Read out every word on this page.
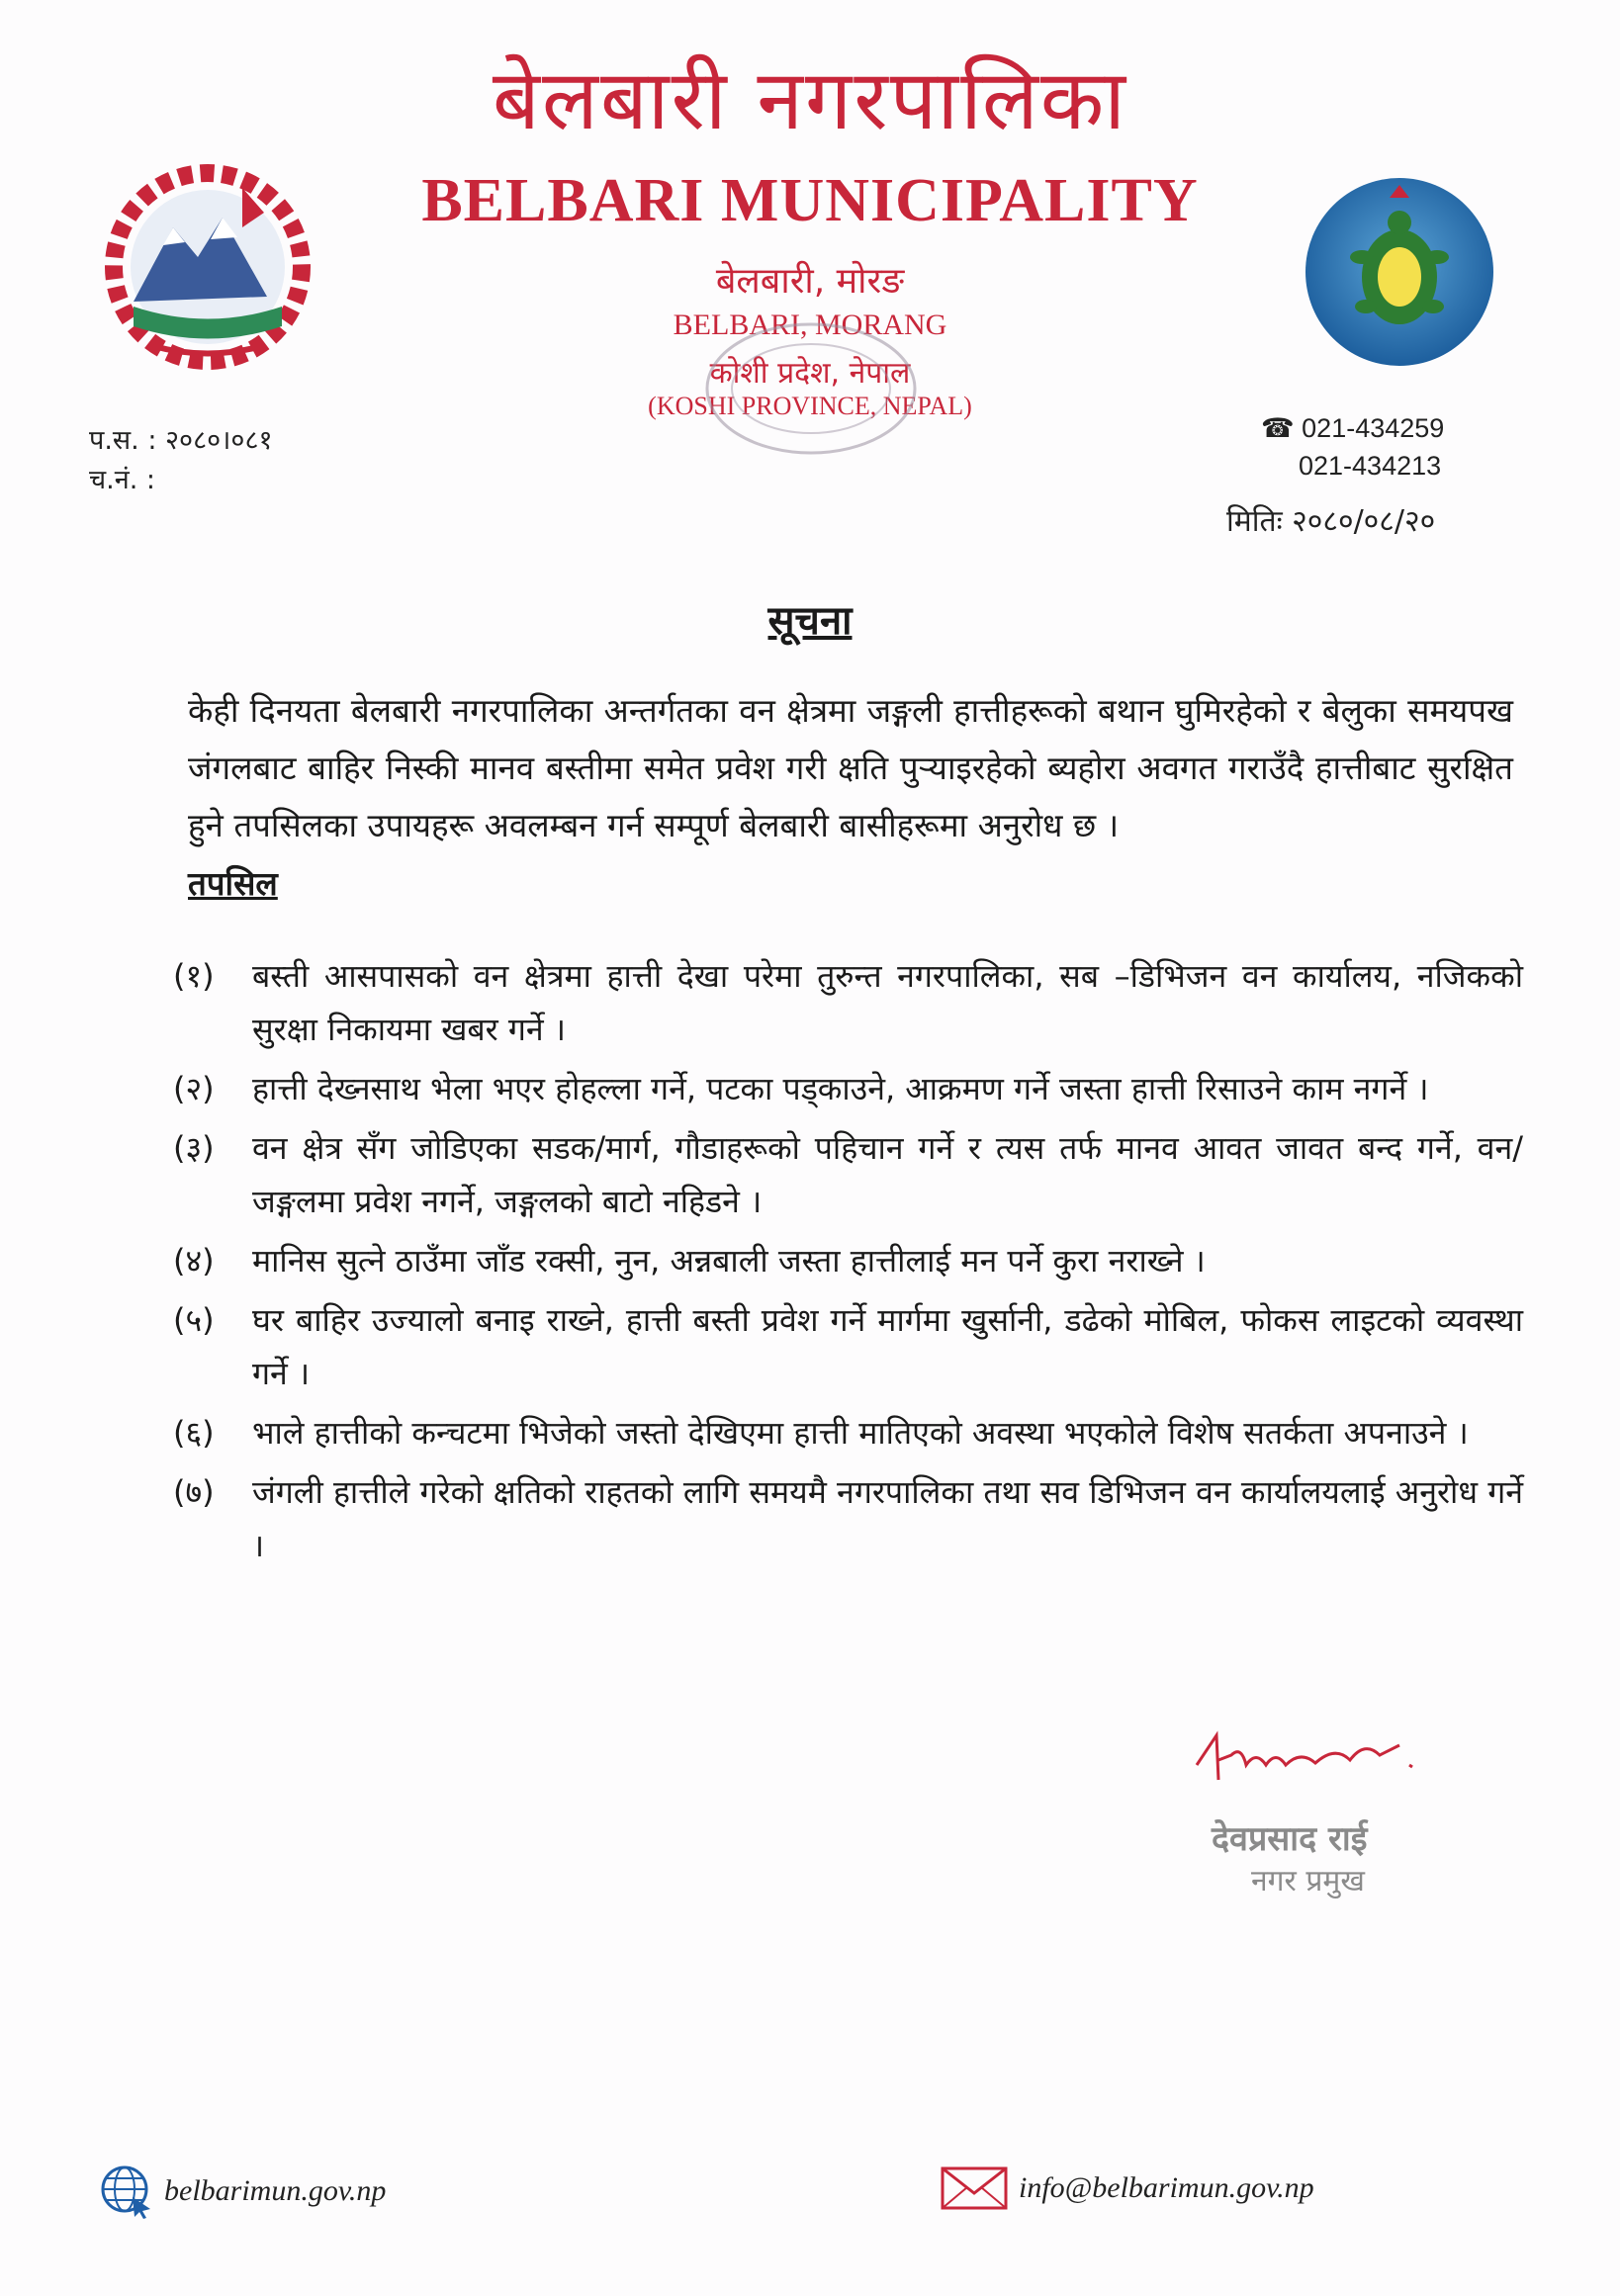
बेलबारी नगरपालिका
BELBARI MUNICIPALITY
बेलबारी, मोरङ
BELBARI, MORANG
कोशी प्रदेश, नेपाल
(KOSHI PROVINCE, NEPAL)
प.स. : २०८०।०८१
च.नं. :
☎ 021-434259
021-434213
मितिः २०८०/०८/२०
सूचना
केही दिनयता बेलबारी नगरपालिका अन्तर्गतका वन क्षेत्रमा जङ्गली हात्तीहरूको बथान घुमिरहेको र बेलुका समयपख जंगलबाट बाहिर निस्की मानव बस्तीमा समेत प्रवेश गरी क्षति पुऱ्याइरहेको ब्यहोरा अवगत गराउँदै हात्तीबाट सुरक्षित हुने तपसिलका उपायहरू अवलम्बन गर्न सम्पूर्ण बेलबारी बासीहरूमा अनुरोध छ ।
तपसिल
(१)	बस्ती आसपासको वन क्षेत्रमा हात्ती देखा परेमा तुरुन्त नगरपालिका, सब –डिभिजन वन कार्यालय, नजिकको सुरक्षा निकायमा खबर गर्ने ।
(२)	हात्ती देख्नसाथ भेला भएर होहल्ला गर्ने, पटका पड्काउने, आक्रमण गर्ने जस्ता हात्ती रिसाउने काम नगर्ने ।
(३)	वन क्षेत्र सँग जोडिएका सडक/मार्ग, गौडाहरूको पहिचान गर्ने र त्यस तर्फ मानव आवत जावत बन्द गर्ने, वन/जङ्गलमा प्रवेश नगर्ने, जङ्गलको बाटो नहिडने ।
(४)	मानिस सुत्ने ठाउँमा जाँड रक्सी, नुन, अन्नबाली जस्ता हात्तीलाई मन पर्ने कुरा नराख्ने ।
(५)	घर बाहिर उज्यालो बनाइ राख्ने, हात्ती बस्ती प्रवेश गर्ने मार्गमा खुर्सानी, डढेको मोबिल, फोकस लाइटको व्यवस्था गर्ने ।
(६)	भाले हात्तीको कन्चटमा भिजेको जस्तो देखिएमा हात्ती मातिएको अवस्था भएकोले विशेष सतर्कता अपनाउने ।
(७)	जंगली हात्तीले गरेको क्षतिको राहतको लागि समयमै नगरपालिका तथा सव डिभिजन वन कार्यालयलाई अनुरोध गर्ने ।
देवप्रसाद राई
नगर प्रमुख
belbarimun.gov.np	info@belbarimun.gov.np
